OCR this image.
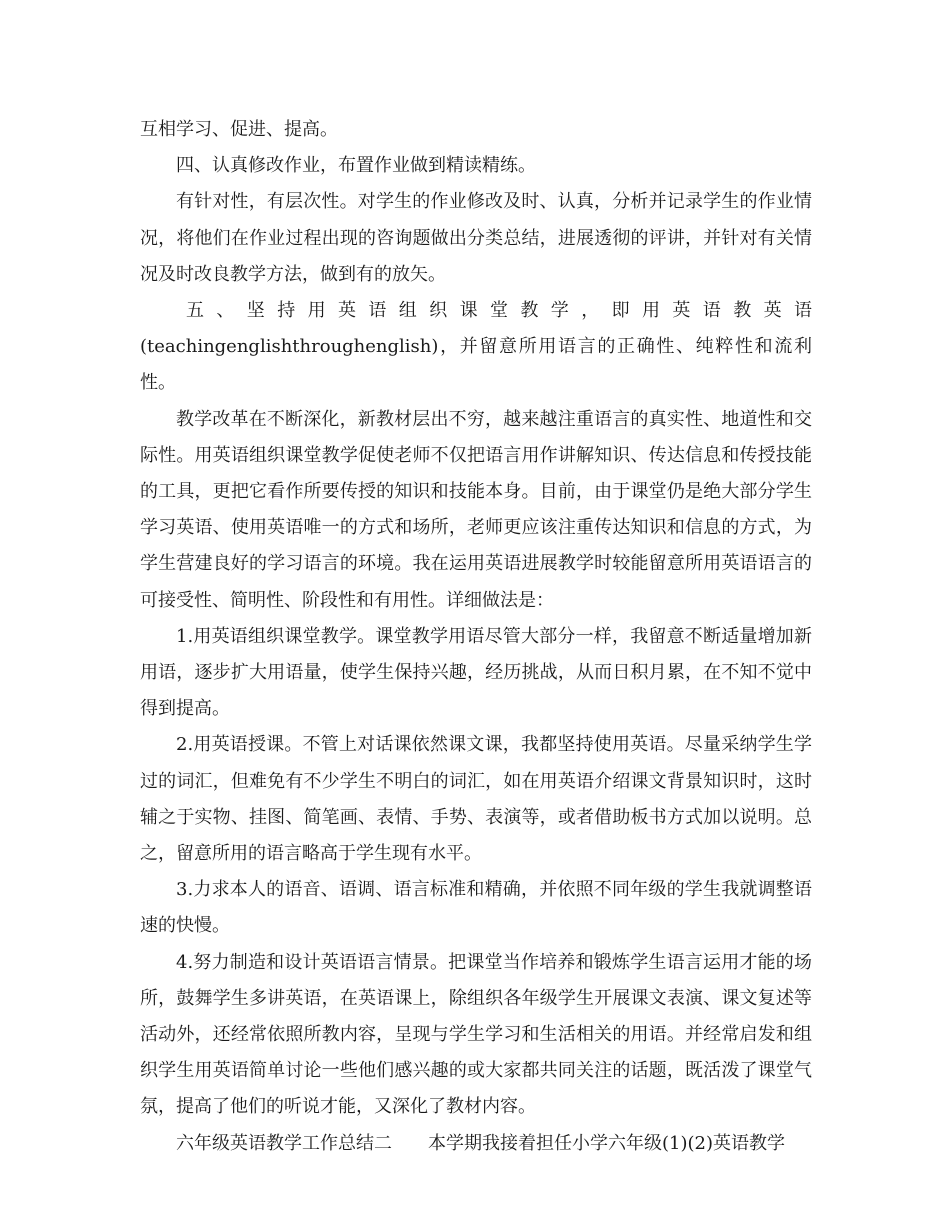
互相学习、促进、提高。

四、认真修改作业，布置作业做到精读精练。

有针对性，有层次性。对学生的作业修改及时、认真，分析并记录学生的作业情况，将他们在作业过程出现的咨询题做出分类总结，进展透彻的评讲，并针对有关情况及时改良教学方法，做到有的放矢。

五、坚持用英语组织课堂教学，即用英语教英语

(teachingenglishthroughenglish)，并留意所用语言的正确性、纯粹性和流利性。

教学改革在不断深化，新教材层出不穷，越来越注重语言的真实性、地道性和交际性。用英语组织课堂教学促使老师不仅把语言用作讲解知识、传达信息和传授技能的工具，更把它看作所要传授的知识和技能本身。目前，由于课堂仍是绝大部分学生学习英语、使用英语唯一的方式和场所，老师更应该注重传达知识和信息的方式，为学生营建良好的学习语言的环境。我在运用英语进展教学时较能留意所用英语语言的可接受性、简明性、阶段性和有用性。详细做法是：

1.用英语组织课堂教学。课堂教学用语尽管大部分一样，我留意不断适量增加新用语，逐步扩大用语量，使学生保持兴趣，经历挑战，从而日积月累，在不知不觉中得到提高。

2.用英语授课。不管上对话课依然课文课，我都坚持使用英语。尽量采纳学生学过的词汇，但难免有不少学生不明白的词汇，如在用英语介绍课文背景知识时，这时辅之于实物、挂图、简笔画、表情、手势、表演等，或者借助板书方式加以说明。总之，留意所用的语言略高于学生现有水平。

3.力求本人的语音、语调、语言标准和精确，并依照不同年级的学生我就调整语速的快慢。

4.努力制造和设计英语语言情景。把课堂当作培养和锻炼学生语言运用才能的场所，鼓舞学生多讲英语，在英语课上，除组织各年级学生开展课文表演、课文复述等活动外，还经常依照所教内容，呈现与学生学习和生活相关的用语。并经常启发和组织学生用英语简单讨论一些他们感兴趣的或大家都共同关注的话题，既活泼了课堂气氛，提高了他们的听说才能，又深化了教材内容。

六年级英语教学工作总结二　　本学期我接着担任小学六年级(1)(2)英语教学
